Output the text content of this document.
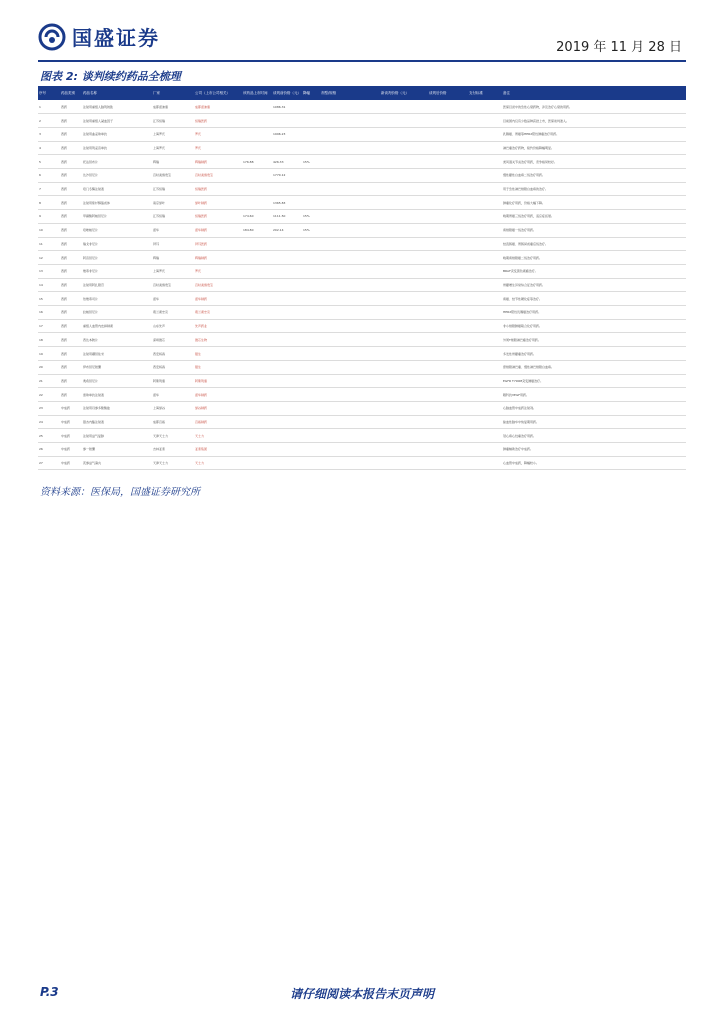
国盛证券	2019 年 11 月 28 日
图表 2: 谈判续约药品全梳理
序号	药品类别	药品名称	厂家	公司（上市公司相关）	该药品上市时间	谈判前价格（元）	降幅	剂型/规格	新谈判价格（元）	谈判后价格	支付标准	备注
1	西药	注射用重组人脑利钠肽	成都诺迪康	成都诺迪康		1086.31						医保目录中的急性心衰药物，涉及治疗心衰的用药。
2	西药	注射用重组人凝血因子	江苏恒瑞	恒瑞医药								目前国内仅有少数品种获批上市，医保谈判准入。
3	西药	注射用曲妥珠单抗	上海罗氏	罗氏		1996.23						乳腺癌、胃癌等HER2阳性肿瘤治疗用药。
4	西药	注射用利妥昔单抗	上海罗氏	罗氏								淋巴瘤治疗药物，续约价格降幅明显。
5	西药	托法替布片	辉瑞	辉瑞制药	176.88	426.33	15%					类风湿关节炎治疗用药，竞争格局较好。
6	西药	达沙替尼片	百时美施贵宝	百时美施贵宝		1770.12						慢性髓性白血病二线治疗用药。
7	西药	培门冬酶注射液	江苏恒瑞	恒瑞医药								用于急性淋巴细胞白血病的治疗。
8	西药	注射用紫杉醇脂质体	南京绿叶	绿叶制药		1365.83						肿瘤化疗用药，价格大幅下降。
9	西药	甲磺酸阿帕替尼片	江苏恒瑞	恒瑞医药	174.60	1111.50	15%					晚期胃癌三线治疗用药，适应症拓展。
10	西药	培唑帕尼片	诺华	诺华制药	184.80	202.14	15%					肾细胞癌一线治疗用药。
11	西药	瑞戈非尼片	拜耳	拜耳医药								结直肠癌、胃肠间质瘤后线治疗。
12	西药	阿昔替尼片	辉瑞	辉瑞制药								晚期肾细胞癌二线治疗用药。
13	西药	维莫非尼片	上海罗氏	罗氏								BRAF突变黑色素瘤治疗。
14	西药	注射用阿扎胞苷	百时美施贵宝	百时美施贵宝								骨髓增生异常综合征治疗用药。
15	西药	依维莫司片	诺华	诺华制药								肾癌、结节性硬化症等治疗。
16	西药	拉帕替尼片	葛兰素史克	葛兰素史克								HER2阳性乳腺癌治疗用药。
17	西药	重组人血管内皮抑制素	山东先声	先声药业								非小细胞肺癌联合化疗用药。
18	西药	西达本胺片	深圳微芯	微芯生物								外周T细胞淋巴瘤治疗用药。
19	西药	注射用硼替佐米	西安杨森	强生								多发性骨髓瘤治疗用药。
20	西药	伊布替尼胶囊	西安杨森	强生								套细胞淋巴瘤、慢性淋巴细胞白血病。
21	西药	奥希替尼片	阿斯利康	阿斯利康								EGFR T790M突变肺癌治疗。
22	西药	雷珠单抗注射液	诺华	诺华制药								眼科抗VEGF用药。
23	中成药	注射用丹参多酚酸盐	上海绿谷	绿谷制药								心脑血管中成药注射剂。
24	中成药	银杏内酯注射液	成都百裕	百裕制药								缺血性脑卒中恢复期用药。
25	中成药	注射用益气复脉	天津天士力	天士力								冠心病心绞痛治疗用药。
26	中成药	参一胶囊	吉林亚泰	亚泰集团								肿瘤辅助治疗中成药。
27	中成药	芪参益气滴丸	天津天士力	天士力								心血管中成药，降幅较小。
资料来源：医保局，国盛证券研究所
请仔细阅读本报告末页声明
P.3
